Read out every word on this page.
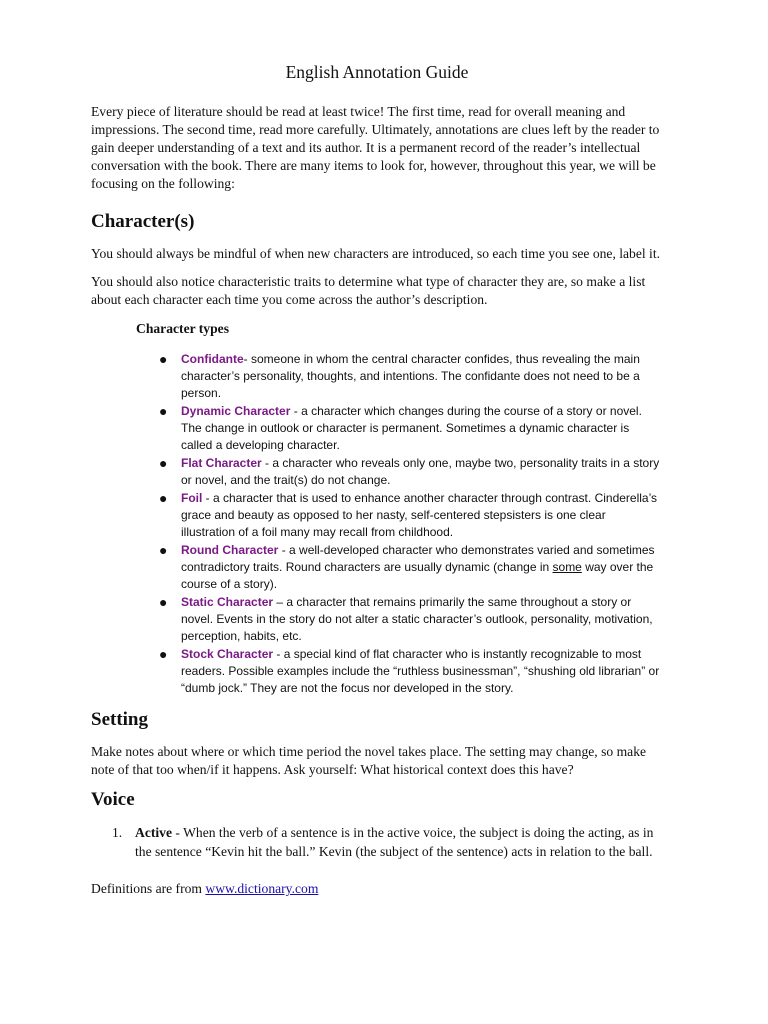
English Annotation Guide

Every piece of literature should be read at least twice! The first time, read for overall meaning and impressions. The second time, read more carefully. Ultimately, annotations are clues left by the reader to gain deeper understanding of a text and its author. It is a permanent record of the reader’s intellectual conversation with the book. There are many items to look for, however, throughout this year, we will be focusing on the following:

Character(s)

You should always be mindful of when new characters are introduced, so each time you see one, label it.

You should also notice characteristic traits to determine what type of character they are, so make a list about each character each time you come across the author’s description.

Character types
● Confidante- someone in whom the central character confides, thus revealing the main character’s personality, thoughts, and intentions. The confidante does not need to be a person.
● Dynamic Character - a character which changes during the course of a story or novel. The change in outlook or character is permanent. Sometimes a dynamic character is called a developing character.
● Flat Character - a character who reveals only one, maybe two, personality traits in a story or novel, and the trait(s) do not change.
● Foil - a character that is used to enhance another character through contrast. Cinderella’s grace and beauty as opposed to her nasty, self-centered stepsisters is one clear illustration of a foil many may recall from childhood.
● Round Character - a well-developed character who demonstrates varied and sometimes contradictory traits. Round characters are usually dynamic (change in some way over the course of a story).
● Static Character – a character that remains primarily the same throughout a story or novel. Events in the story do not alter a static character’s outlook, personality, motivation, perception, habits, etc.
● Stock Character - a special kind of flat character who is instantly recognizable to most readers. Possible examples include the “ruthless businessman”, “shushing old librarian” or “dumb jock.” They are not the focus nor developed in the story.
Setting

Make notes about where or which time period the novel takes place. The setting may change, so make note of that too when/if it happens. Ask yourself: What historical context does this have?

Voice
1. Active - When the verb of a sentence is in the active voice, the subject is doing the acting, as in the sentence “Kevin hit the ball.” Kevin (the subject of the sentence) acts in relation to the ball.
Definitions are from www.dictionary.com
